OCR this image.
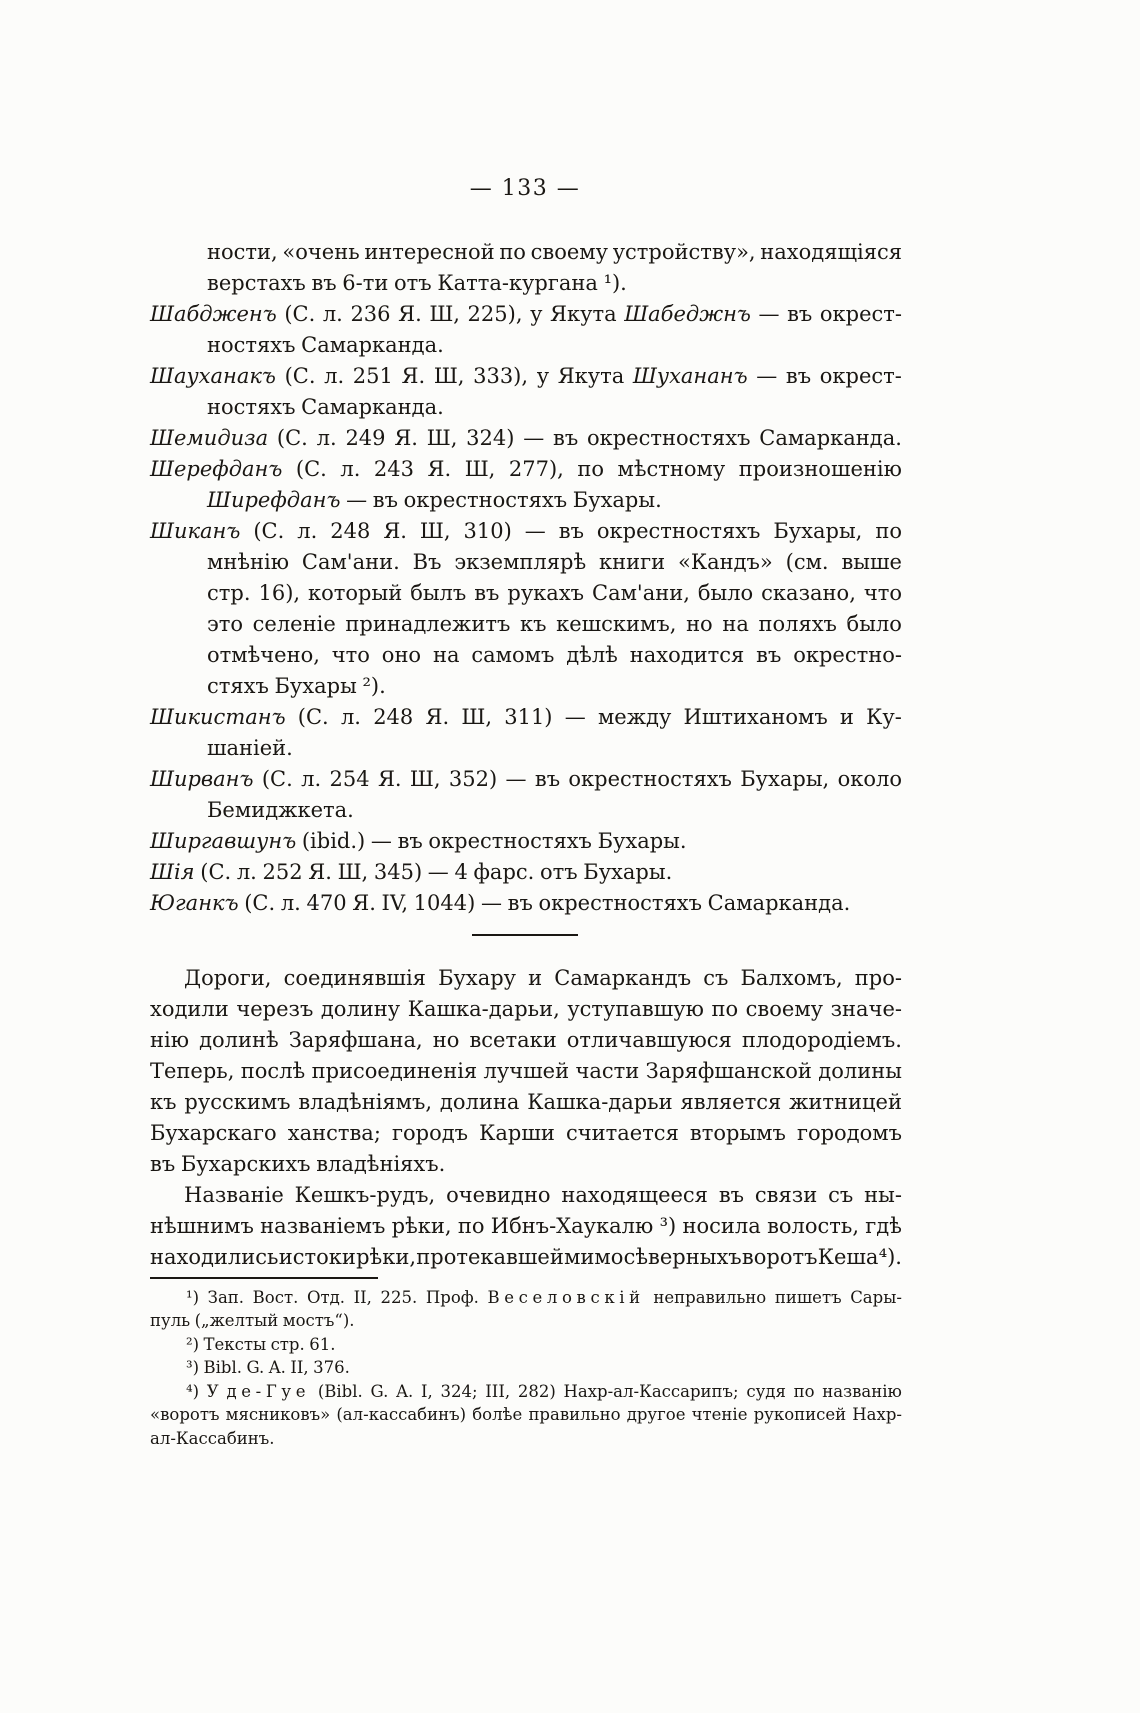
— 133 —
ности, «очень интересной по своему устройству», находящіяся
верстахъ въ 6-ти отъ Катта-кургана ¹).
Шабдженъ (С. л. 236 Я. Ш, 225), у Якута Шабеджнъ — въ окрест-
ностяхъ Самарканда.
Шауханакъ (С. л. 251 Я. Ш, 333), у Якута Шухананъ — въ окрест-
ностяхъ Самарканда.
Шемидиза (С. л. 249 Я. Ш, 324) — въ окрестностяхъ Самарканда.
Шерефданъ (С. л. 243 Я. Ш, 277), по мѣстному произношенію
Ширефданъ — въ окрестностяхъ Бухары.
Шиканъ (С. л. 248 Я. Ш, 310) — въ окрестностяхъ Бухары, по
мнѣнію Сам'ани. Въ экземплярѣ книги «Кандъ» (см. выше
стр. 16), который былъ въ рукахъ Сам'ани, было сказано, что
это селеніе принадлежитъ къ кешскимъ, но на поляхъ было
отмѣчено, что оно на самомъ дѣлѣ находится въ окрестно-
стяхъ Бухары ²).
Шикистанъ (С. л. 248 Я. Ш, 311) — между Иштиханомъ и Ку-
шаніей.
Ширванъ (С. л. 254 Я. Ш, 352) — въ окрестностяхъ Бухары, около
Бемиджкета.
Ширгавшунъ (ibid.) — въ окрестностяхъ Бухары.
Шія (С. л. 252 Я. Ш, 345) — 4 фарс. отъ Бухары.
Юганкъ (С. л. 470 Я. IV, 1044) — въ окрестностяхъ Самарканда.
Дороги, соединявшія Бухару и Самаркандъ съ Балхомъ, про-
ходили черезъ долину Кашка-дарьи, уступавшую по своему значе-
нію долинѣ Заряфшана, но всетаки отличавшуюся плодородіемъ.
Теперь, послѣ присоединенія лучшей части Заряфшанской долины
къ русскимъ владѣніямъ, долина Кашка-дарьи является житницей
Бухарскаго ханства; городъ Карши считается вторымъ городомъ
въ Бухарскихъ владѣніяхъ.
Названіе Кешкъ-рудъ, очевидно находящееся въ связи съ ны-
нѣшнимъ названіемъ рѣки, по Ибнъ-Хаукалю ³) носила волость, гдѣ
находились истоки рѣки, протекавшей мимо сѣверныхъ воротъ Кеша ⁴).
¹) Зап. Вост. Отд. II, 225. Проф. Веселовскій неправильно пишетъ Сары-
пуль („желтый мостъ“).
²) Тексты стр. 61.
³) Bibl. G. A. II, 376.
⁴) У де-Гуе (Bibl. G. A. I, 324; III, 282) Нахр-ал-Кассарипъ; судя по названію
«воротъ мясниковъ» (ал-кассабинъ) болѣе правильно другое чтеніе рукописей Нахр-
ал-Кассабинъ.
